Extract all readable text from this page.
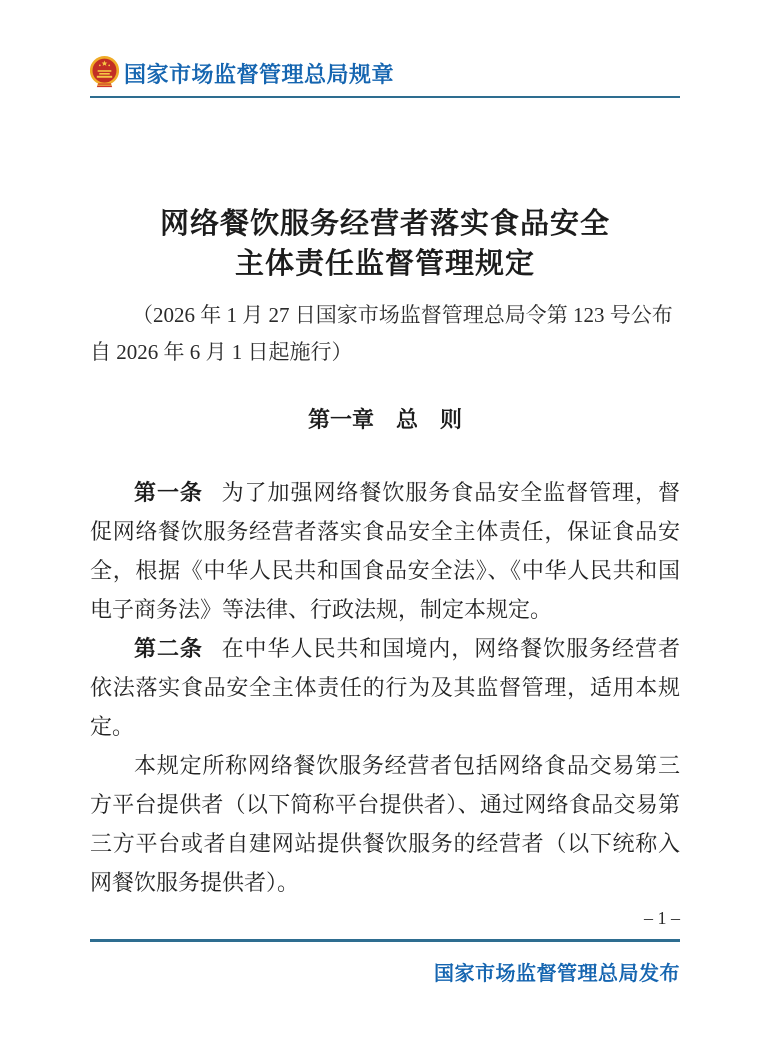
国家市场监督管理总局规章
网络餐饮服务经营者落实食品安全
主体责任监督管理规定

（2026 年 1 月 27 日国家市场监督管理总局令第 123 号公布
自 2026 年 6 月 1 日起施行）

第一章　总　则

第一条 为了加强网络餐饮服务食品安全监督管理，督促网络餐饮服务经营者落实食品安全主体责任，保证食品安全，根据《中华人民共和国食品安全法》、《中华人民共和国电子商务法》等法律、行政法规，制定本规定。

第二条 在中华人民共和国境内，网络餐饮服务经营者依法落实食品安全主体责任的行为及其监督管理，适用本规定。

本规定所称网络餐饮服务经营者包括网络食品交易第三方平台提供者（以下简称平台提供者）、通过网络食品交易第三方平台或者自建网站提供餐饮服务的经营者（以下统称入网餐饮服务提供者）。

– 1 –
国家市场监督管理总局发布
